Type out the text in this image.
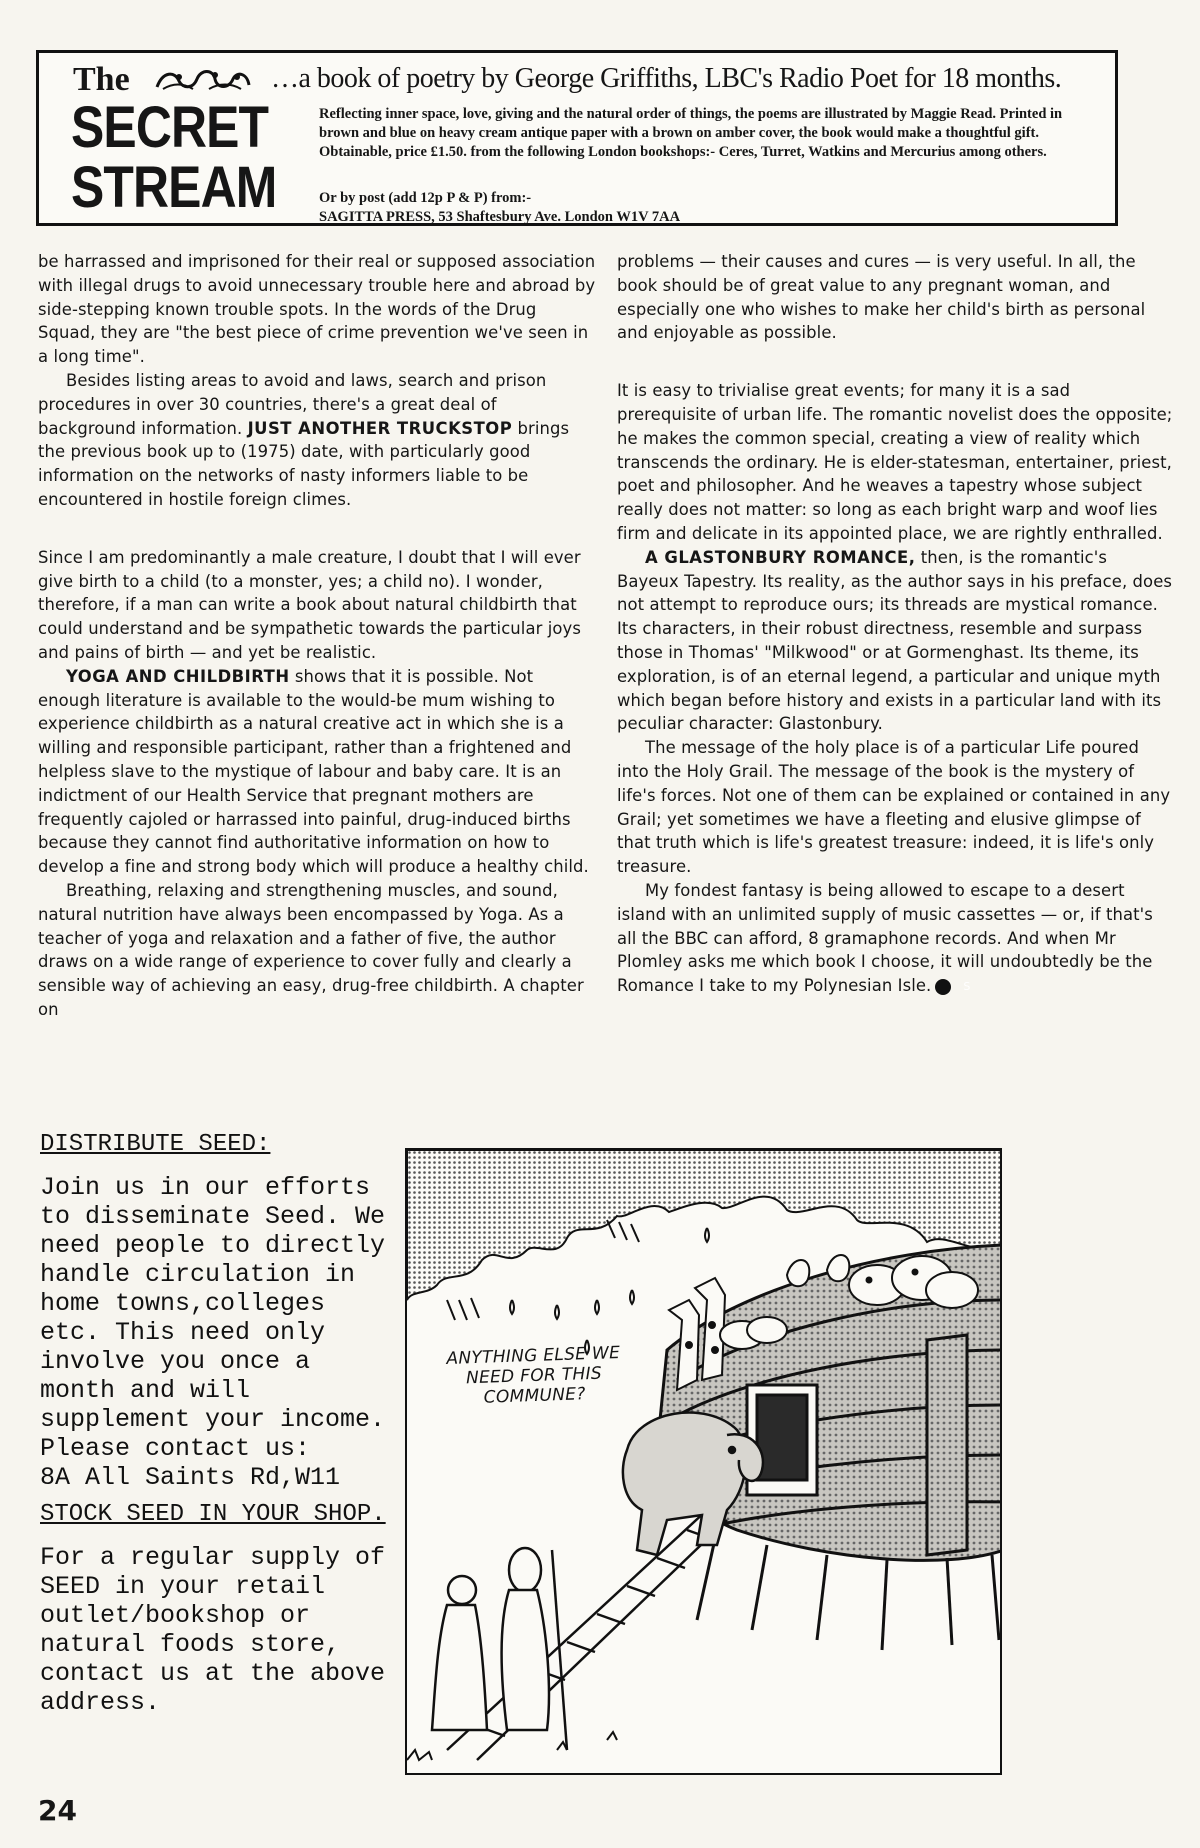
The
SECRET
STREAM
…a book of poetry by George Griffiths, LBC's Radio Poet for 18 months.
Reflecting inner space, love, giving and the natural order of things, the poems are illustrated by Maggie Read. Printed in brown and blue on heavy cream antique paper with a brown on amber cover, the book would make a thoughtful gift. Obtainable, price £1.50. from the following London bookshops:- Ceres, Turret, Watkins and Mercurius among others.
Or by post (add 12p P & P) from:-
SAGITTA PRESS, 53 Shaftesbury Ave. London W1V 7AA

be harrassed and imprisoned for their real or supposed association with illegal drugs to avoid unnecessary trouble here and abroad by side-stepping known trouble spots. In the words of the Drug Squad, they are "the best piece of crime prevention we've seen in a long time".

Besides listing areas to avoid and laws, search and prison procedures in over 30 countries, there's a great deal of background information. JUST ANOTHER TRUCKSTOP brings the previous book up to (1975) date, with particularly good information on the networks of nasty informers liable to be encountered in hostile foreign climes.

Since I am predominantly a male creature, I doubt that I will ever give birth to a child (to a monster, yes; a child no). I wonder, therefore, if a man can write a book about natural childbirth that could understand and be sympathetic towards the particular joys and pains of birth — and yet be realistic.

YOGA AND CHILDBIRTH shows that it is possible. Not enough literature is available to the would-be mum wishing to experience childbirth as a natural creative act in which she is a willing and responsible participant, rather than a frightened and helpless slave to the mystique of labour and baby care. It is an indictment of our Health Service that pregnant mothers are frequently cajoled or harrassed into painful, drug-induced births because they cannot find authoritative information on how to develop a fine and strong body which will produce a healthy child.

Breathing, relaxing and strengthening muscles, and sound, natural nutrition have always been encompassed by Yoga. As a teacher of yoga and relaxation and a father of five, the author draws on a wide range of experience to cover fully and clearly a sensible way of achieving an easy, drug-free childbirth. A chapter on

problems — their causes and cures — is very useful. In all, the book should be of great value to any pregnant woman, and especially one who wishes to make her child's birth as personal and enjoyable as possible.

It is easy to trivialise great events; for many it is a sad prerequisite of urban life. The romantic novelist does the opposite; he makes the common special, creating a view of reality which transcends the ordinary. He is elder-statesman, entertainer, priest, poet and philosopher. And he weaves a tapestry whose subject really does not matter: so long as each bright warp and woof lies firm and delicate in its appointed place, we are rightly enthralled.

A GLASTONBURY ROMANCE, then, is the romantic's Bayeux Tapestry. Its reality, as the author says in his preface, does not attempt to reproduce ours; its threads are mystical romance. Its characters, in their robust directness, resemble and surpass those in Thomas' "Milkwood" or at Gormenghast. Its theme, its exploration, is of an eternal legend, a particular and unique myth which began before history and exists in a particular land with its peculiar character: Glastonbury.

The message of the holy place is of a particular Life poured into the Holy Grail. The message of the book is the mystery of life's forces. Not one of them can be explained or contained in any Grail; yet sometimes we have a fleeting and elusive glimpse of that truth which is life's greatest treasure: indeed, it is life's only treasure.

My fondest fantasy is being allowed to escape to a desert island with an unlimited supply of music cassettes — or, if that's all the BBC can afford, 8 gramaphone records. And when Mr Plomley asks me which book I choose, it will undoubtedly be the Romance I take to my Polynesian Isle.	S

DISTRIBUTE SEED:

Join us in our efforts to disseminate Seed. We need people to directly handle circulation in home towns,colleges etc. This need only involve you once a month and will supplement your income. Please contact us:

8A All Saints Rd,W11

STOCK SEED IN YOUR SHOP.

For a regular supply of SEED in your retail outlet/bookshop or natural foods store, contact us at the above address.

ANYTHING ELSE WE NEED FOR THIS COMMUNE?
24
